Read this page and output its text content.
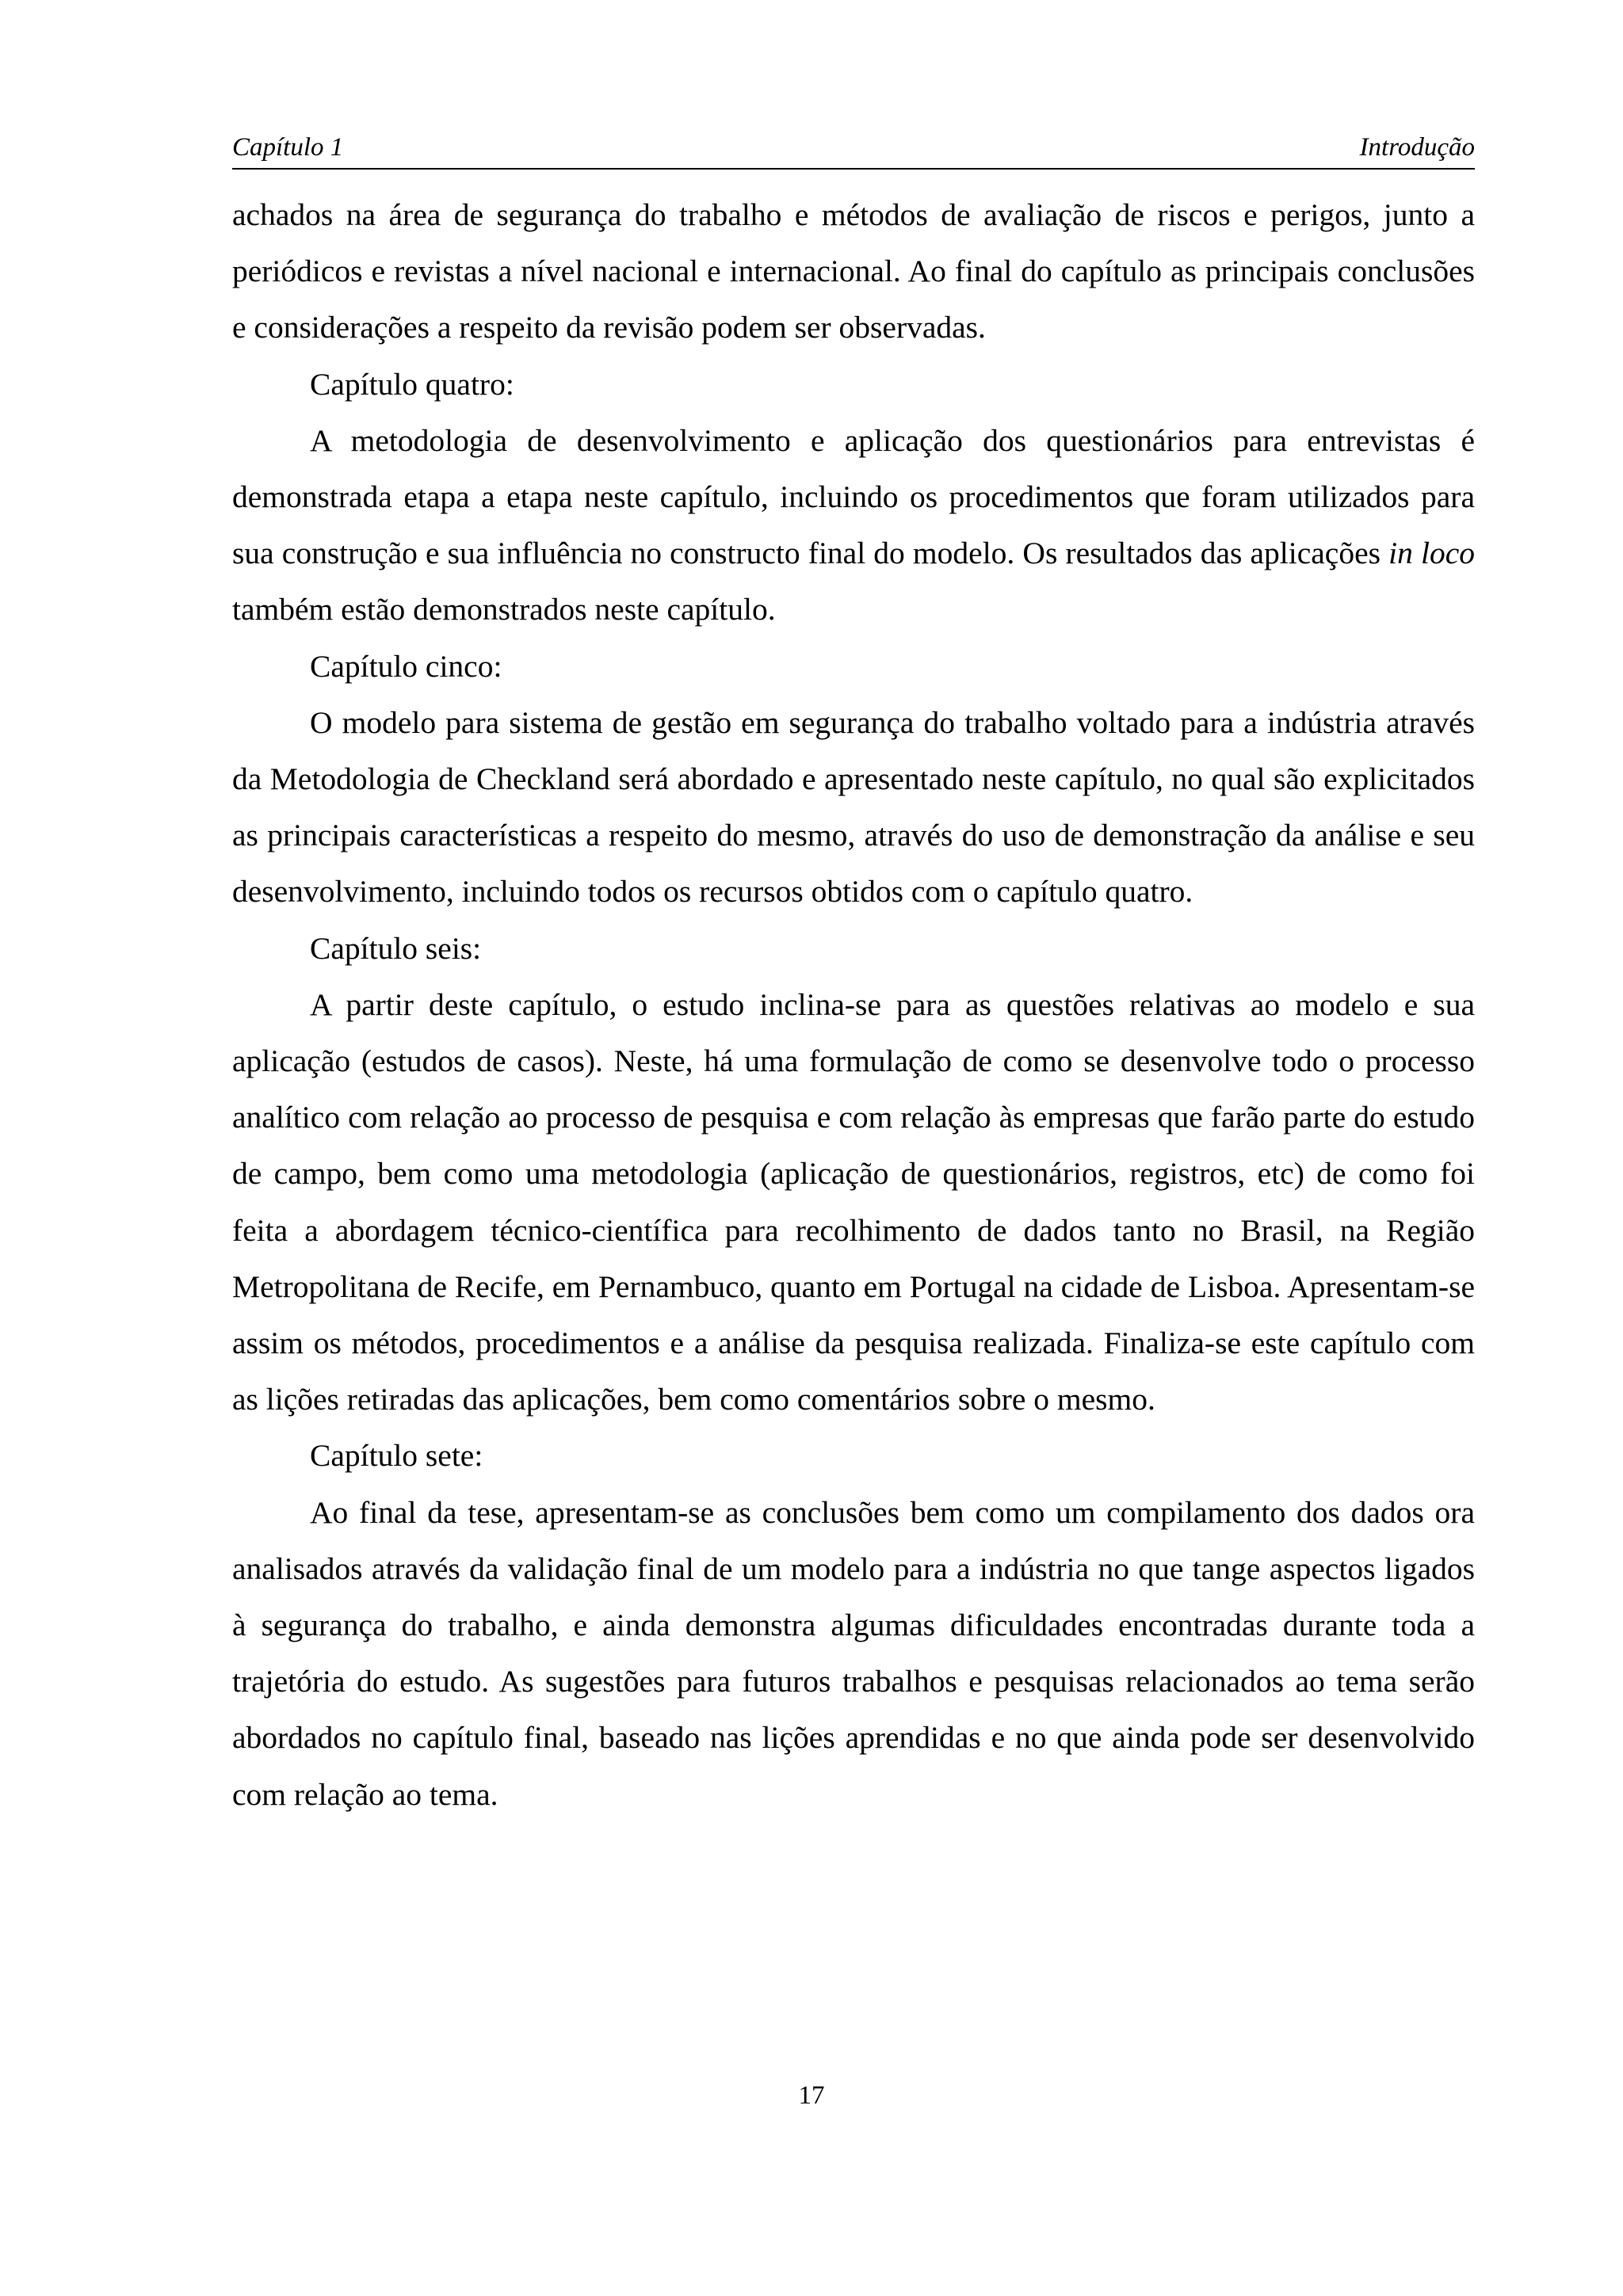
Capítulo 1	Introdução

achados na área de segurança do trabalho e métodos de avaliação de riscos e perigos, junto a periódicos e revistas a nível nacional e internacional. Ao final do capítulo as principais conclusões e considerações a respeito da revisão podem ser observadas.

Capítulo quatro:

A metodologia de desenvolvimento e aplicação dos questionários para entrevistas é demonstrada etapa a etapa neste capítulo, incluindo os procedimentos que foram utilizados para sua construção e sua influência no constructo final do modelo. Os resultados das aplicações in loco também estão demonstrados neste capítulo.

Capítulo cinco:

O modelo para sistema de gestão em segurança do trabalho voltado para a indústria através da Metodologia de Checkland será abordado e apresentado neste capítulo, no qual são explicitados as principais características a respeito do mesmo, através do uso de demonstração da análise e seu desenvolvimento, incluindo todos os recursos obtidos com o capítulo quatro.

Capítulo seis:

A partir deste capítulo, o estudo inclina-se para as questões relativas ao modelo e sua aplicação (estudos de casos). Neste, há uma formulação de como se desenvolve todo o processo analítico com relação ao processo de pesquisa e com relação às empresas que farão parte do estudo de campo, bem como uma metodologia (aplicação de questionários, registros, etc) de como foi feita a abordagem técnico-científica para recolhimento de dados tanto no Brasil, na Região Metropolitana de Recife, em Pernambuco, quanto em Portugal na cidade de Lisboa. Apresentam-se assim os métodos, procedimentos e a análise da pesquisa realizada. Finaliza-se este capítulo com as lições retiradas das aplicações, bem como comentários sobre o mesmo.

Capítulo sete:

Ao final da tese, apresentam-se as conclusões bem como um compilamento dos dados ora analisados através da validação final de um modelo para a indústria no que tange aspectos ligados à segurança do trabalho, e ainda demonstra algumas dificuldades encontradas durante toda a trajetória do estudo. As sugestões para futuros trabalhos e pesquisas relacionados ao tema serão abordados no capítulo final, baseado nas lições aprendidas e no que ainda pode ser desenvolvido com relação ao tema.

17
